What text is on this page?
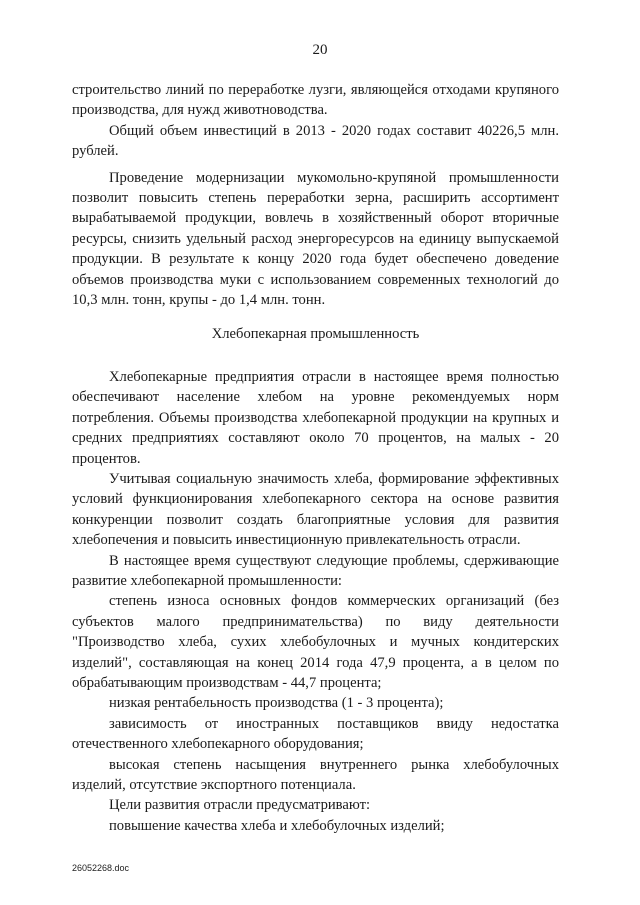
20

строительство линий по переработке лузги, являющейся отходами крупяного производства, для нужд животноводства.

Общий объем инвестиций в 2013 - 2020 годах составит 40226,5 млн. рублей.

Проведение модернизации мукомольно-крупяной промышленности позволит повысить степень переработки зерна, расширить ассортимент вырабатываемой продукции, вовлечь в хозяйственный оборот вторичные ресурсы, снизить удельный расход энергоресурсов на единицу выпускаемой продукции. В результате к концу 2020 года будет обеспечено доведение объемов производства муки с использованием современных технологий до 10,3 млн. тонн, крупы - до 1,4 млн. тонн.

Хлебопекарная промышленность

Хлебопекарные предприятия отрасли в настоящее время полностью обеспечивают население хлебом на уровне рекомендуемых норм потребления. Объемы производства хлебопекарной продукции на крупных и средних предприятиях составляют около 70 процентов, на малых - 20 процентов.

Учитывая социальную значимость хлеба, формирование эффективных условий функционирования хлебопекарного сектора на основе развития конкуренции позволит создать благоприятные условия для развития хлебопечения и повысить инвестиционную привлекательность отрасли.

В настоящее время существуют следующие проблемы, сдерживающие развитие хлебопекарной промышленности:

степень износа основных фондов коммерческих организаций (без субъектов малого предпринимательства) по виду деятельности "Производство хлеба, сухих хлебобулочных и мучных кондитерских изделий", составляющая на конец 2014 года 47,9 процента, а в целом по обрабатывающим производствам - 44,7 процента;

низкая рентабельность производства (1 - 3 процента);

зависимость от иностранных поставщиков ввиду недостатка отечественного хлебопекарного оборудования;

высокая степень насыщения внутреннего рынка хлебобулочных изделий, отсутствие экспортного потенциала.

Цели развития отрасли предусматривают:

повышение качества хлеба и хлебобулочных изделий;

26052268.doc
